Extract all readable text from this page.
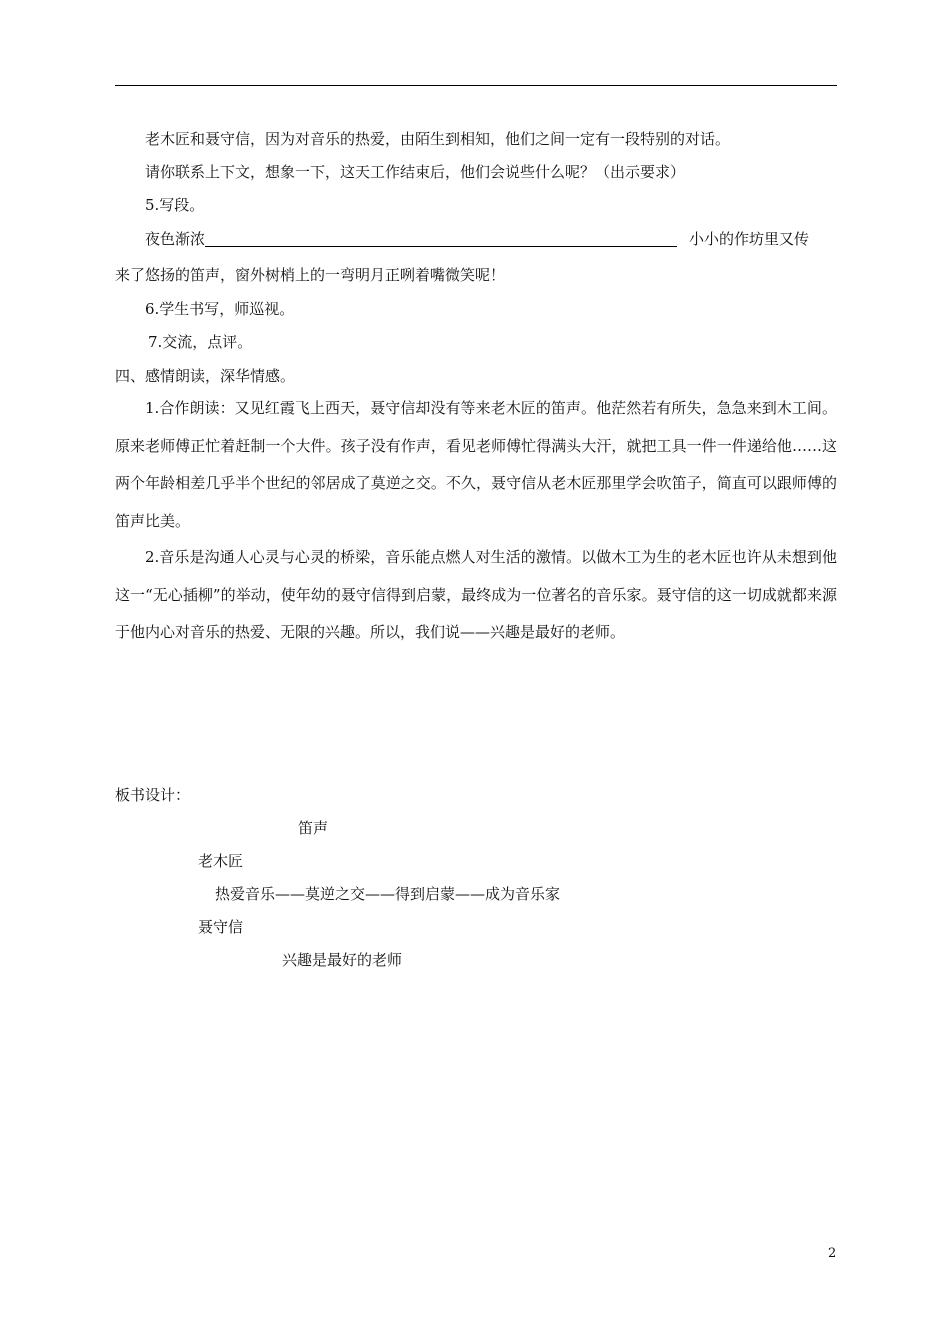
老木匠和聂守信，因为对音乐的热爱，由陌生到相知，他们之间一定有一段特别的对话。
请你联系上下文，想象一下，这天工作结束后，他们会说些什么呢？（出示要求）
5.写段。
夜色渐浓	小小的作坊里又传
来了悠扬的笛声，窗外树梢上的一弯明月正咧着嘴微笑呢！
6.学生书写，师巡视。
7.交流，点评。
四、感情朗读，深华情感。

1.合作朗读：又见红霞飞上西天，聂守信却没有等来老木匠的笛声。他茫然若有所失，急急来到木工间。原来老师傅正忙着赶制一个大件。孩子没有作声，看见老师傅忙得满头大汗，就把工具一件一件递给他……这两个年龄相差几乎半个世纪的邻居成了莫逆之交。不久，聂守信从老木匠那里学会吹笛子，简直可以跟师傅的笛声比美。

2.音乐是沟通人心灵与心灵的桥梁，音乐能点燃人对生活的激情。以做木工为生的老木匠也许从未想到他这一“无心插柳”的举动，使年幼的聂守信得到启蒙，最终成为一位著名的音乐家。聂守信的这一切成就都来源于他内心对音乐的热爱、无限的兴趣。所以，我们说——兴趣是最好的老师。

板书设计：
笛声
老木匠
热爱音乐——莫逆之交——得到启蒙——成为音乐家
聂守信
兴趣是最好的老师
2
